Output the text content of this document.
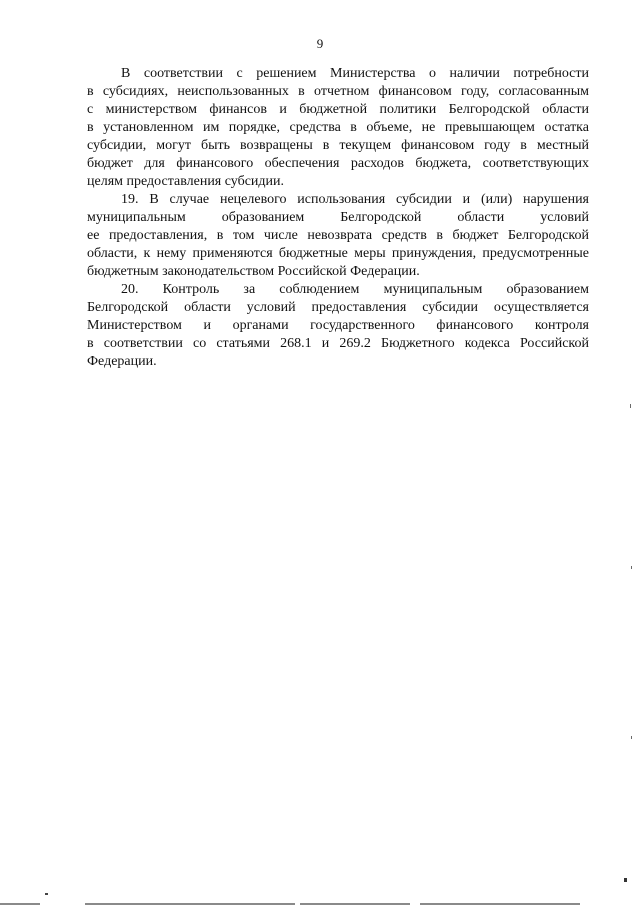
9
В соответствии с решением Министерства о наличии потребности
в субсидиях, неиспользованных в отчетном финансовом году, согласованным
с министерством финансов и бюджетной политики Белгородской области
в установленном им порядке, средства в объеме, не превышающем остатка
субсидии, могут быть возвращены в текущем финансовом году в местный
бюджет для финансового обеспечения расходов бюджета, соответствующих
целям предоставления субсидии.
19. В случае нецелевого использования субсидии и (или) нарушения
муниципальным образованием Белгородской области условий
ее предоставления, в том числе невозврата средств в бюджет Белгородской
области, к нему применяются бюджетные меры принуждения, предусмотренные
бюджетным законодательством Российской Федерации.
20. Контроль за соблюдением муниципальным образованием
Белгородской области условий предоставления субсидии осуществляется
Министерством и органами государственного финансового контроля
в соответствии со статьями 268.1 и 269.2 Бюджетного кодекса Российской
Федерации.
